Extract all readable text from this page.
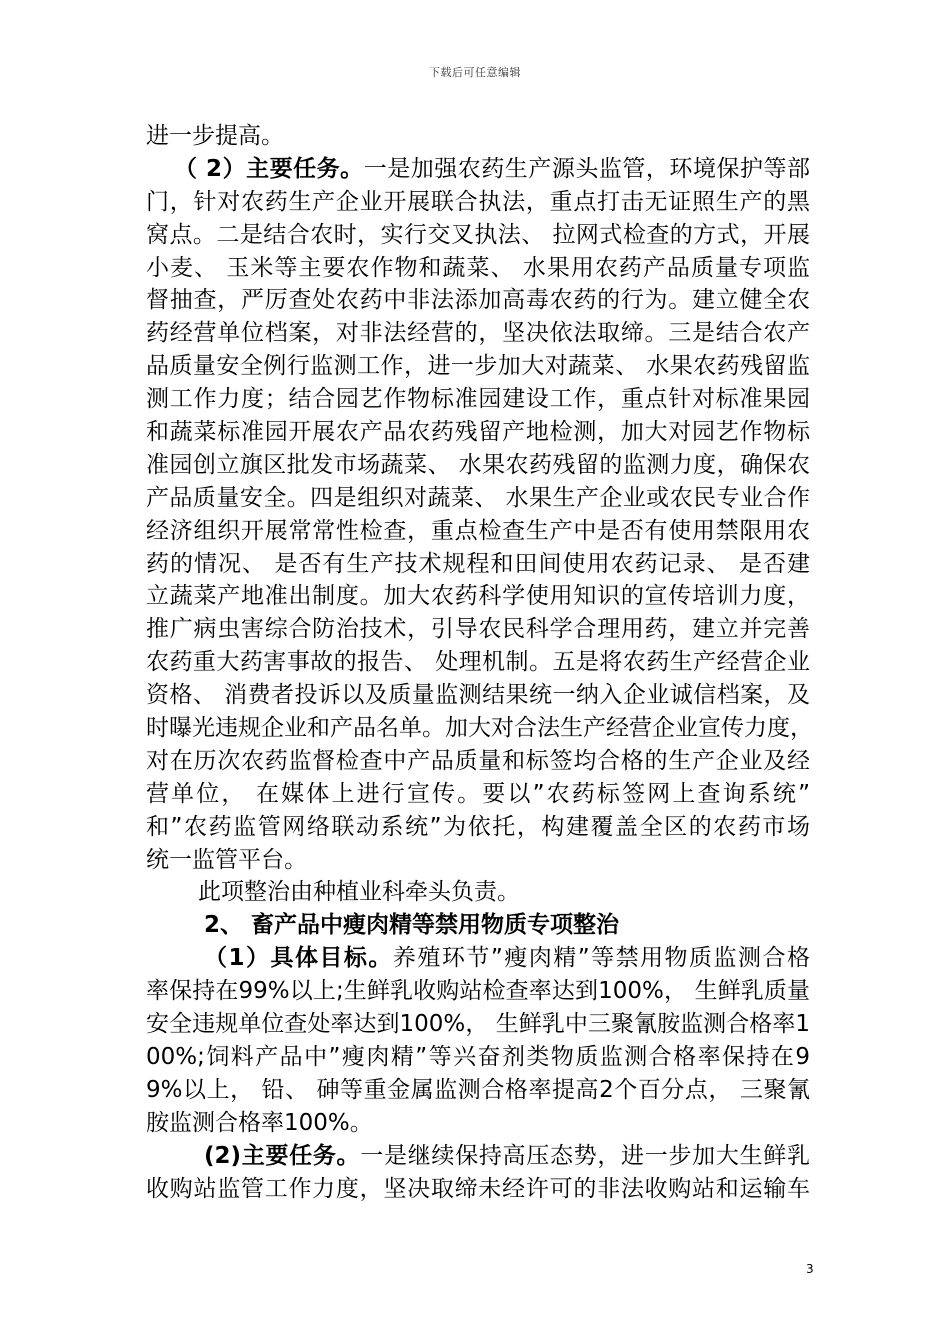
下载后可任意编辑
进一步提高。
（ 2）主要任务。一是加强农药生产源头监管，环境保护等部
门，针对农药生产企业开展联合执法，重点打击无证照生产的黑
窝点。二是结合农时，实行交叉执法、 拉网式检查的方式，开展
小麦、 玉米等主要农作物和蔬菜、 水果用农药产品质量专项监
督抽查，严厉查处农药中非法添加高毒农药的行为。建立健全农
药经营单位档案，对非法经营的，坚决依法取缔。三是结合农产
品质量安全例行监测工作，进一步加大对蔬菜、 水果农药残留监
测工作力度；结合园艺作物标准园建设工作，重点针对标准果园
和蔬菜标准园开展农产品农药残留产地检测，加大对园艺作物标
准园创立旗区批发市场蔬菜、 水果农药残留的监测力度，确保农
产品质量安全。四是组织对蔬菜、 水果生产企业或农民专业合作
经济组织开展常常性检查，重点检查生产中是否有使用禁限用农
药的情况、 是否有生产技术规程和田间使用农药记录、 是否建
立蔬菜产地准出制度。加大农药科学使用知识的宣传培训力度，
推广病虫害综合防治技术，引导农民科学合理用药，建立并完善
农药重大药害事故的报告、 处理机制。五是将农药生产经营企业
资格、 消费者投诉以及质量监测结果统一纳入企业诚信档案，及
时曝光违规企业和产品名单。加大对合法生产经营企业宣传力度，
对在历次农药监督检查中产品质量和标签均合格的生产企业及经
营单位， 在媒体上进行宣传。要以”农药标签网上查询系统”
和”农药监管网络联动系统”为依托，构建覆盖全区的农药市场
统一监管平台。
此项整治由种植业科牵头负责。
2、 畜产品中瘦肉精等禁用物质专项整治
（1）具体目标。养殖环节”瘦肉精”等禁用物质监测合格
率保持在99%以上;生鲜乳收购站检查率达到100%， 生鲜乳质量
安全违规单位查处率达到100%， 生鲜乳中三聚氰胺监测合格率1
00%;饲料产品中”瘦肉精”等兴奋剂类物质监测合格率保持在9
9%以上， 铅、 砷等重金属监测合格率提高2个百分点， 三聚氰
胺监测合格率100%。
(2)主要任务。一是继续保持高压态势，进一步加大生鲜乳
收购站监管工作力度，坚决取缔未经许可的非法收购站和运输车
3
